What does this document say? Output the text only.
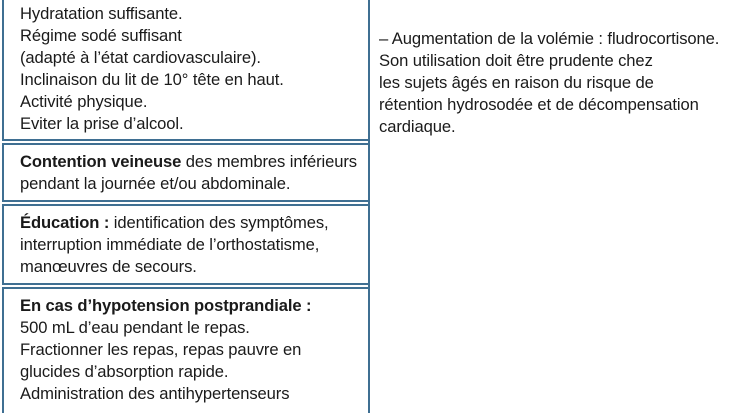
Hydratation suffisante.
Régime sodé suffisant
(adapté à l’état cardiovasculaire).
Inclinaison du lit de 10° tête en haut.
Activité physique.
Eviter la prise d’alcool.
Contention veineuse des membres inférieurs
pendant la journée et/ou abdominale.
Éducation : identification des symptômes,
interruption immédiate de l’orthostatisme,
manœuvres de secours.
En cas d’hypotension postprandiale :
500 mL d’eau pendant le repas.
Fractionner les repas, repas pauvre en
glucides d’absorption rapide.
Administration des antihypertenseurs
– Augmentation de la volémie : fludrocortisone.
Son utilisation doit être prudente chez
les sujets âgés en raison du risque de
rétention hydrosodée et de décompensation
cardiaque.
